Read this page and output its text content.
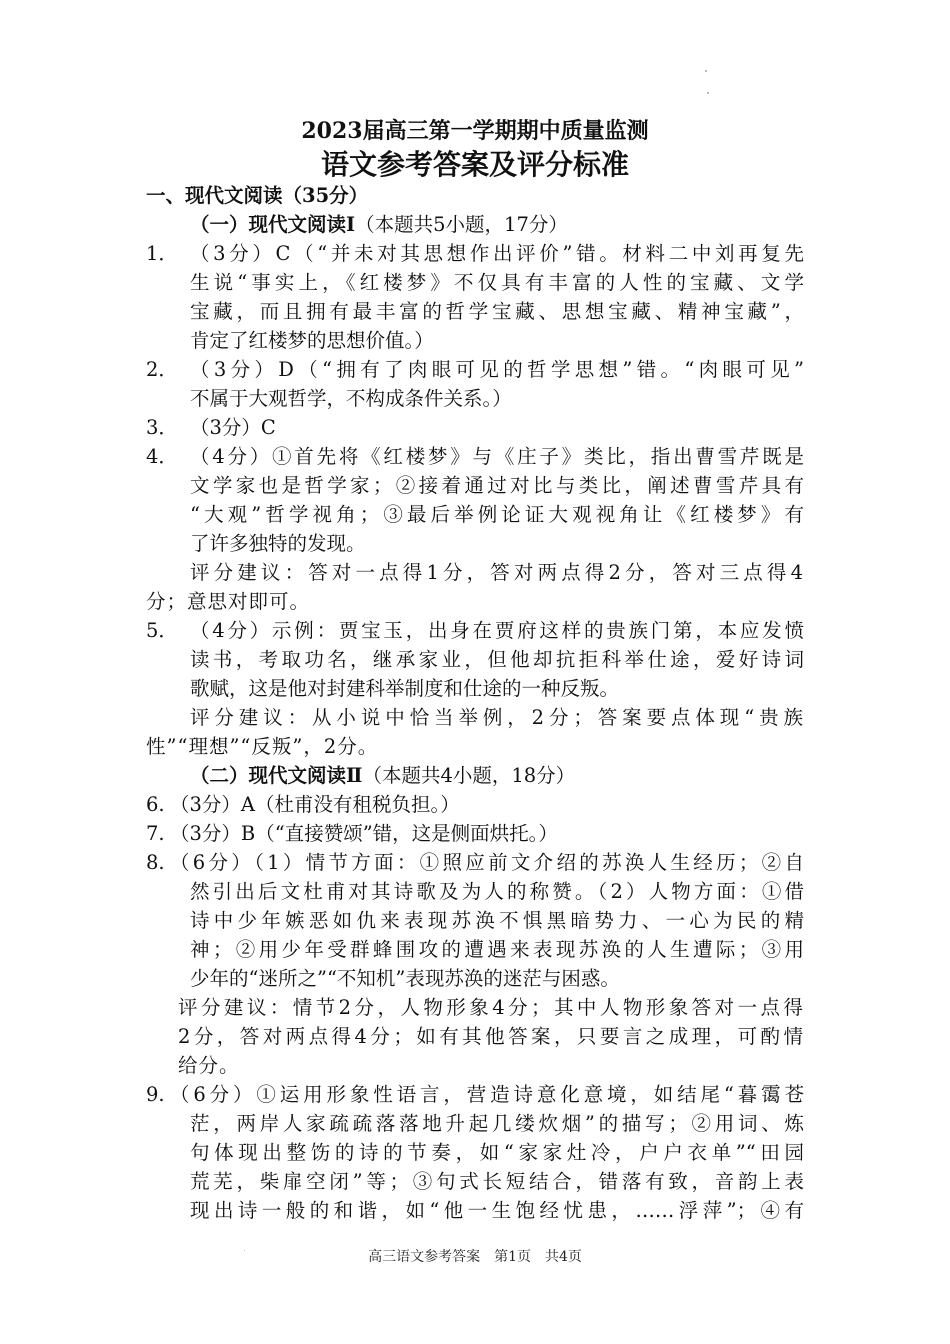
2023届高三第一学期期中质量监测
语文参考答案及评分标准
一、现代文阅读（35分）
（一）现代文阅读Ⅰ（本题共5小题，17分）
1． （3分）C（“并未对其思想作出评价”错。材料二中刘再复先
生说“事实上，《红楼梦》不仅具有丰富的人性的宝藏、文学
宝藏，而且拥有最丰富的哲学宝藏、思想宝藏、精神宝藏”，
肯定了红楼梦的思想价值。）
2． （3分）D（“拥有了肉眼可见的哲学思想”错。“肉眼可见”
不属于大观哲学，不构成条件关系。）
3． （3分）C
4． （4分）①首先将《红楼梦》与《庄子》类比，指出曹雪芹既是
文学家也是哲学家；②接着通过对比与类比，阐述曹雪芹具有
“大观”哲学视角；③最后举例论证大观视角让《红楼梦》有
了许多独特的发现。
评分建议：答对一点得1分，答对两点得2分，答对三点得4
分；意思对即可。
5． （4分）示例：贾宝玉，出身在贾府这样的贵族门第，本应发愤
读书，考取功名，继承家业，但他却抗拒科举仕途，爱好诗词
歌赋，这是他对封建科举制度和仕途的一种反叛。
评分建议：从小说中恰当举例，2分；答案要点体现“贵族
性”“理想”“反叛”，2分。
（二）现代文阅读Ⅱ（本题共4小题，18分）
6. （3分）A（杜甫没有租税负担。）
7. （3分）B（“直接赞颂”错，这是侧面烘托。）
8. （6分）（1）情节方面：①照应前文介绍的苏涣人生经历；②自
然引出后文杜甫对其诗歌及为人的称赞。（2）人物方面：①借
诗中少年嫉恶如仇来表现苏涣不惧黑暗势力、一心为民的精
神；②用少年受群蜂围攻的遭遇来表现苏涣的人生遭际；③用
少年的“迷所之”“不知机”表现苏涣的迷茫与困惑。
评分建议：情节2分，人物形象4分；其中人物形象答对一点得
2分，答对两点得4分；如有其他答案，只要言之成理，可酌情
给分。
9. （6分）①运用形象性语言，营造诗意化意境，如结尾“暮霭苍
茫，两岸人家疏疏落落地升起几缕炊烟”的描写；②用词、炼
句体现出整饬的诗的节奏，如“家家灶冷，户户衣单”“田园
荒芜，柴扉空闭”等；③句式长短结合，错落有致，音韵上表
现出诗一般的和谐，如“他一生饱经忧患，……浮萍”；④有
高三语文参考答案　第1页　共4页
